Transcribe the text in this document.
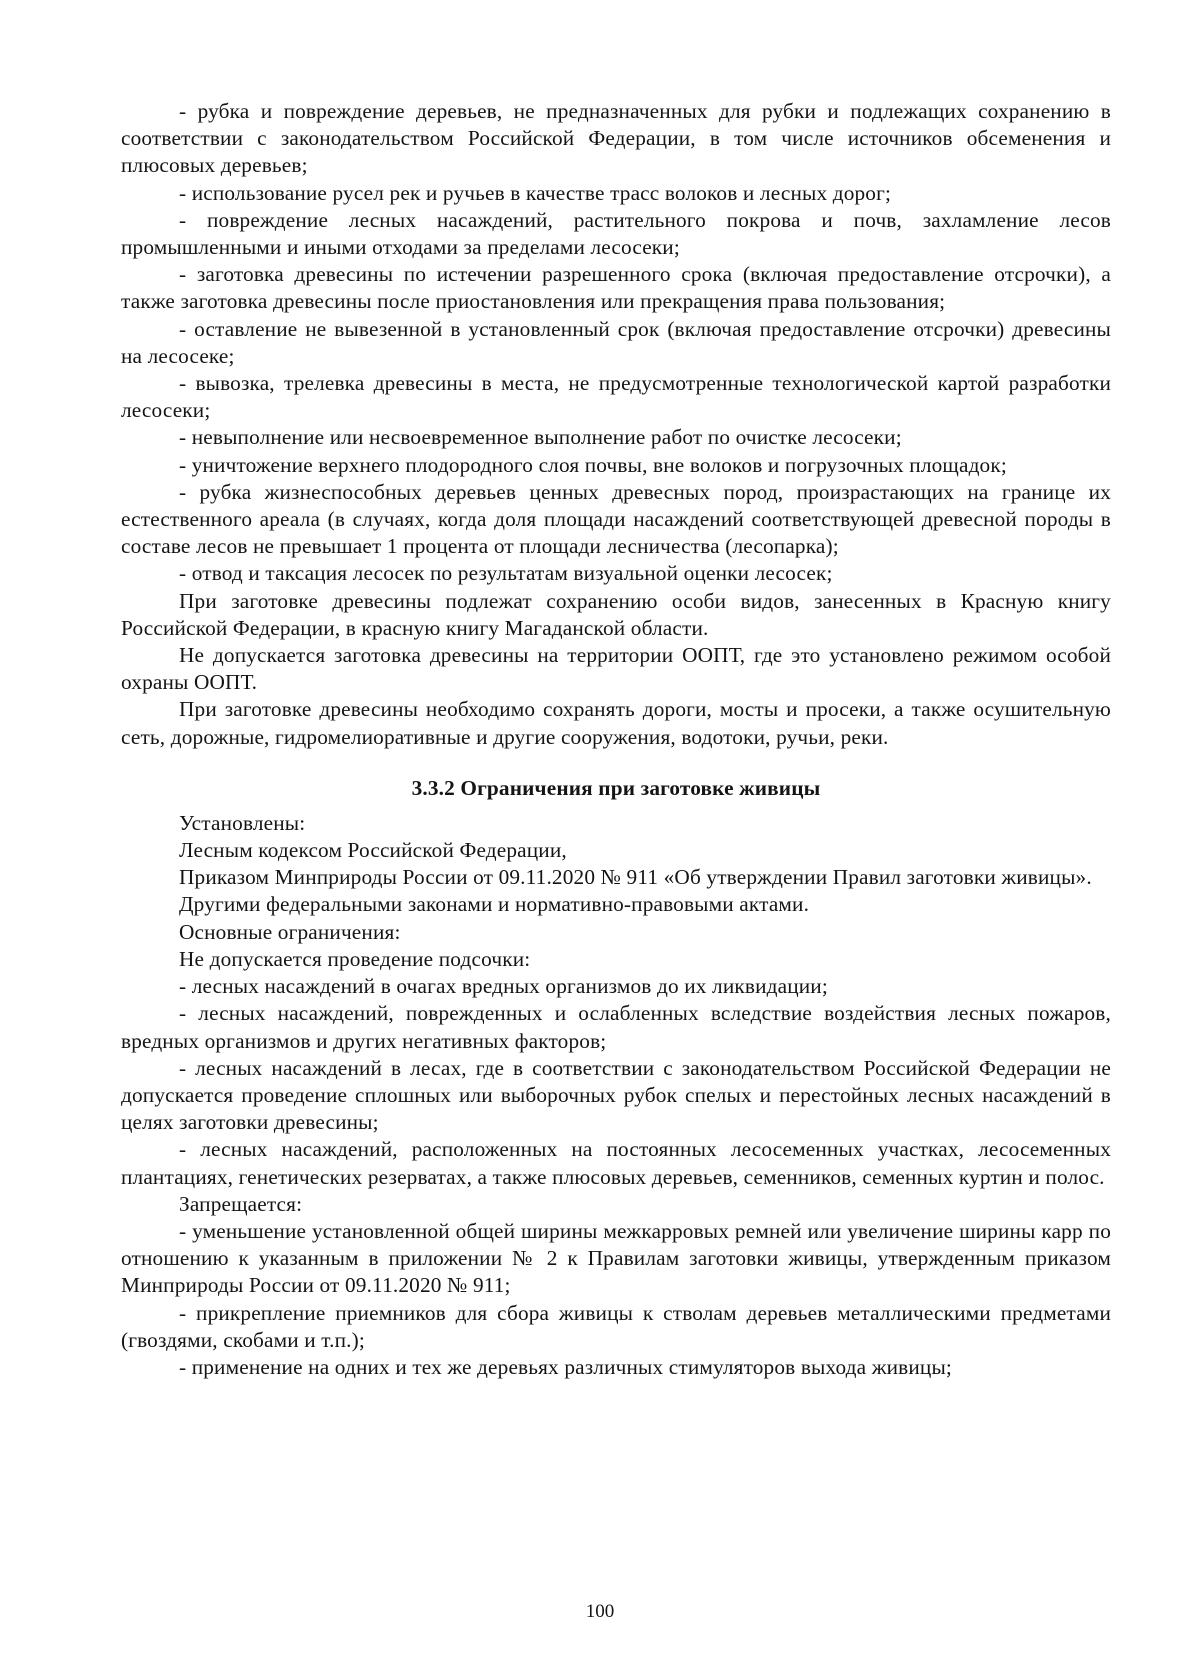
- рубка и повреждение деревьев, не предназначенных для рубки и подлежащих сохранению в соответствии с законодательством Российской Федерации, в том числе источников обсеменения и плюсовых деревьев;

- использование русел рек и ручьев в качестве трасс волоков и лесных дорог;

- повреждение лесных насаждений, растительного покрова и почв, захламление лесов промышленными и иными отходами за пределами лесосеки;

- заготовка древесины по истечении разрешенного срока (включая предоставление отсрочки), а также заготовка древесины после приостановления или прекращения права пользования;

- оставление не вывезенной в установленный срок (включая предоставление отсрочки) древесины на лесосеке;

- вывозка, трелевка древесины в места, не предусмотренные технологической картой разработки лесосеки;

- невыполнение или несвоевременное выполнение работ по очистке лесосеки;

- уничтожение верхнего плодородного слоя почвы, вне волоков и погрузочных площадок;

- рубка жизнеспособных деревьев ценных древесных пород, произрастающих на границе их естественного ареала (в случаях, когда доля площади насаждений соответствующей древесной породы в составе лесов не превышает 1 процента от площади лесничества (лесопарка);

- отвод и таксация лесосек по результатам визуальной оценки лесосек;

При заготовке древесины подлежат сохранению особи видов, занесенных в Красную книгу Российской Федерации, в красную книгу Магаданской области.

Не допускается заготовка древесины на территории ООПТ, где это установлено режимом особой охраны ООПТ.

При заготовке древесины необходимо сохранять дороги, мосты и просеки, а также осушительную сеть, дорожные, гидромелиоративные и другие сооружения, водотоки, ручьи, реки.

3.3.2 Ограничения при заготовке живицы

Установлены:

Лесным кодексом Российской Федерации,

Приказом Минприроды России от 09.11.2020 № 911 «Об утверждении Правил заготовки живицы».

Другими федеральными законами и нормативно-правовыми актами.

Основные ограничения:

Не допускается проведение подсочки:

- лесных насаждений в очагах вредных организмов до их ликвидации;

- лесных насаждений, поврежденных и ослабленных вследствие воздействия лесных пожаров, вредных организмов и других негативных факторов;

- лесных насаждений в лесах, где в соответствии с законодательством Российской Федерации не допускается проведение сплошных или выборочных рубок спелых и перестойных лесных насаждений в целях заготовки древесины;

- лесных насаждений, расположенных на постоянных лесосеменных участках, лесосеменных плантациях, генетических резерватах, а также плюсовых деревьев, семенников, семенных куртин и полос.

Запрещается:

- уменьшение установленной общей ширины межкарровых ремней или увеличение ширины карр по отношению к указанным в приложении № 2 к Правилам заготовки живицы, утвержденным приказом Минприроды России от 09.11.2020 № 911;

- прикрепление приемников для сбора живицы к стволам деревьев металлическими предметами (гвоздями, скобами и т.п.);

- применение на одних и тех же деревьях различных стимуляторов выхода живицы;

100
